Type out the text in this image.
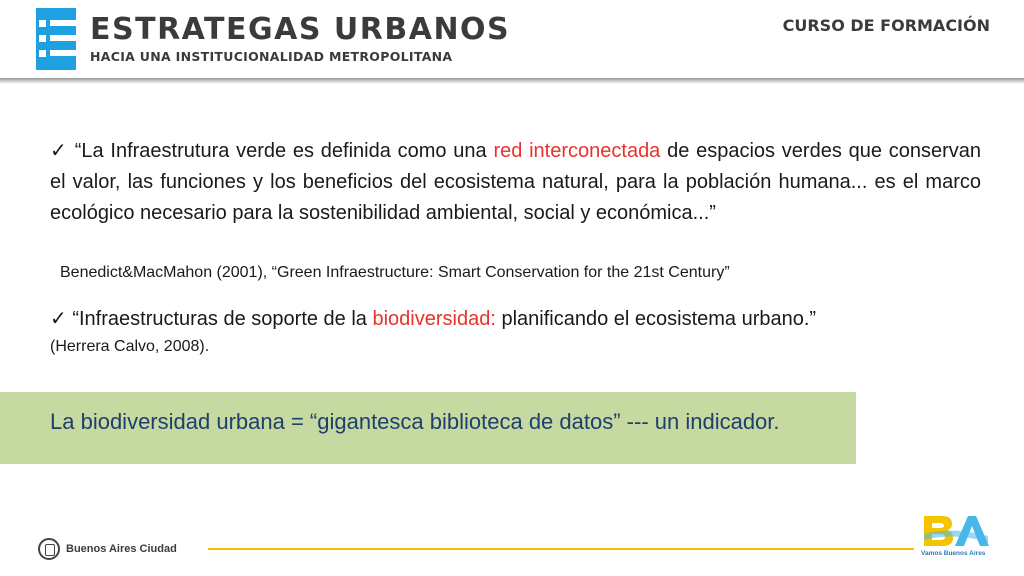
ESTRATEGAS URBANOS
HACIA UNA INSTITUCIONALIDAD METROPOLITANA
CURSO DE FORMACIÓN

✓ “La Infraestrutura verde es definida como una red interconectada de espacios verdes que conservan el valor, las funciones y los beneficios del ecosistema natural, para la población humana... es el marco ecológico necesario para la sostenibilidad ambiental, social y económica...”

Benedict&MacMahon (2001), “Green Infraestructure: Smart Conservation for the 21st Century”

✓ “Infraestructuras de soporte de la biodiversidad: planificando el ecosistema urbano.”

(Herrera Calvo, 2008).

La biodiversidad urbana = “gigantesca biblioteca de datos” --- un indicador.
Buenos Aires Ciudad	Vamos Buenos Aires
